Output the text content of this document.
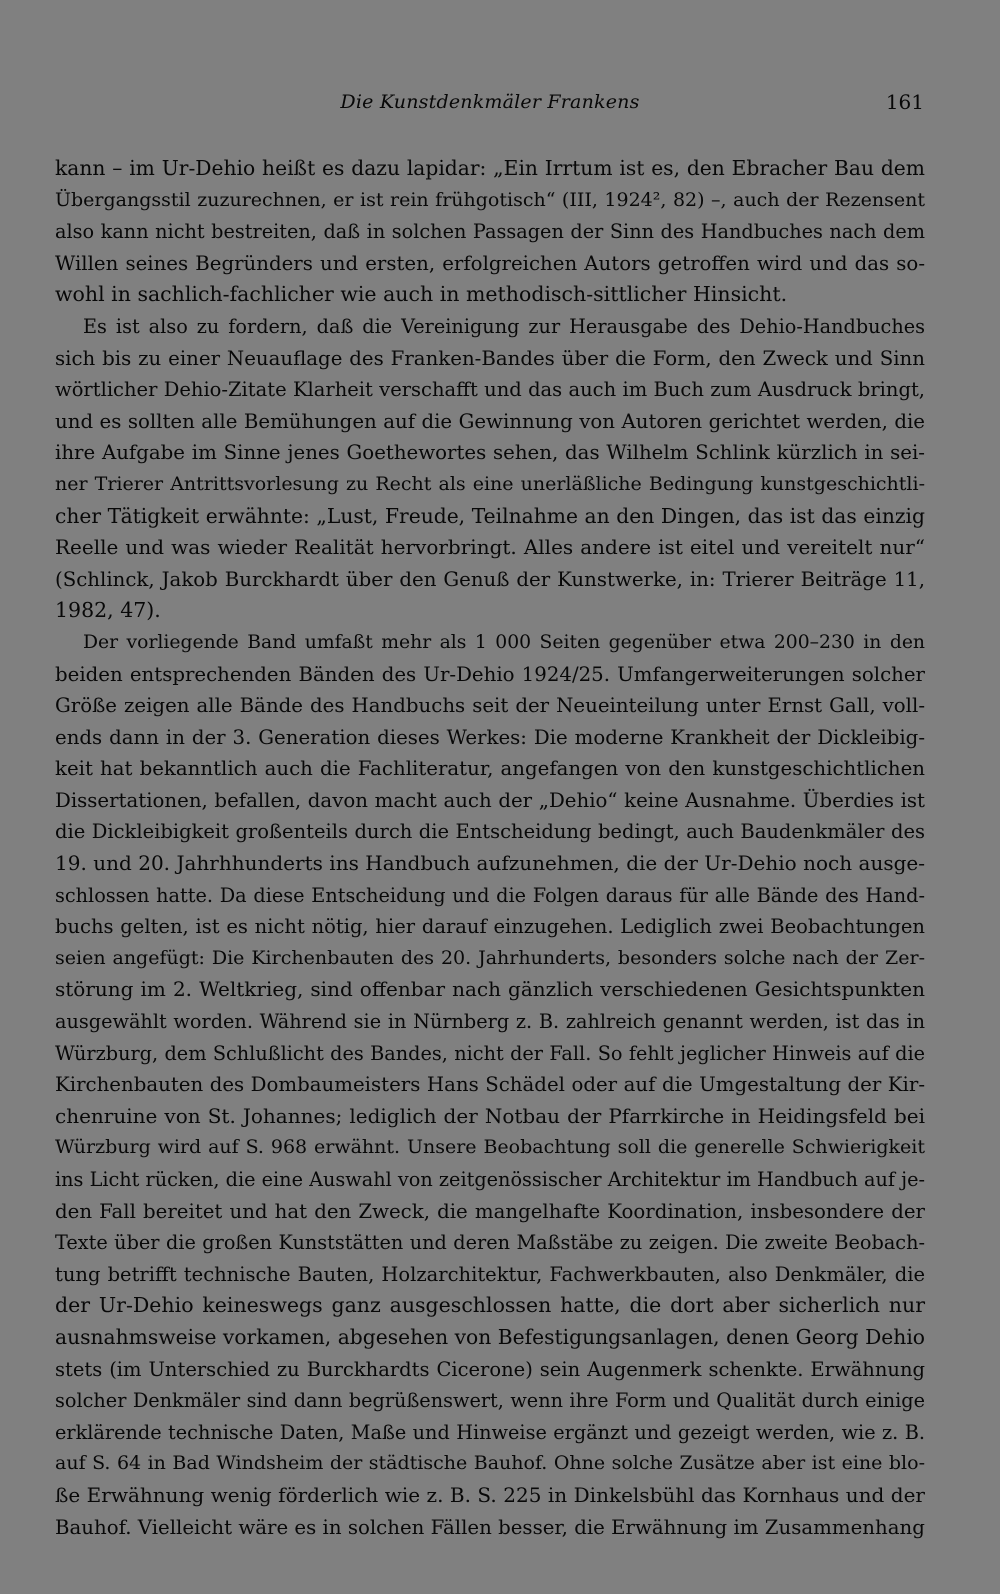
Die Kunstdenkmäler Frankens	161
kann – im Ur-Dehio heißt es dazu lapidar: „Ein Irrtum ist es, den Ebracher Bau dem
Übergangsstil zuzurechnen, er ist rein frühgotisch“ (III, 1924², 82) –, auch der Rezensent
also kann nicht bestreiten, daß in solchen Passagen der Sinn des Handbuches nach dem
Willen seines Begründers und ersten, erfolgreichen Autors getroffen wird und das so-
wohl in sachlich-fachlicher wie auch in methodisch-sittlicher Hinsicht.
Es ist also zu fordern, daß die Vereinigung zur Herausgabe des Dehio-Handbuches
sich bis zu einer Neuauflage des Franken-Bandes über die Form, den Zweck und Sinn
wörtlicher Dehio-Zitate Klarheit verschafft und das auch im Buch zum Ausdruck bringt,
und es sollten alle Bemühungen auf die Gewinnung von Autoren gerichtet werden, die
ihre Aufgabe im Sinne jenes Goethewortes sehen, das Wilhelm Schlink kürzlich in sei-
ner Trierer Antrittsvorlesung zu Recht als eine unerläßliche Bedingung kunstgeschichtli-
cher Tätigkeit erwähnte: „Lust, Freude, Teilnahme an den Dingen, das ist das einzig
Reelle und was wieder Realität hervorbringt. Alles andere ist eitel und vereitelt nur“
(Schlinck, Jakob Burckhardt über den Genuß der Kunstwerke, in: Trierer Beiträge 11,
1982, 47).
Der vorliegende Band umfaßt mehr als 1 000 Seiten gegenüber etwa 200–230 in den
beiden entsprechenden Bänden des Ur-Dehio 1924/25. Umfangerweiterungen solcher
Größe zeigen alle Bände des Handbuchs seit der Neueinteilung unter Ernst Gall, voll-
ends dann in der 3. Generation dieses Werkes: Die moderne Krankheit der Dickleibig-
keit hat bekanntlich auch die Fachliteratur, angefangen von den kunstgeschichtlichen
Dissertationen, befallen, davon macht auch der „Dehio“ keine Ausnahme. Überdies ist
die Dickleibigkeit großenteils durch die Entscheidung bedingt, auch Baudenkmäler des
19. und 20. Jahrhhunderts ins Handbuch aufzunehmen, die der Ur-Dehio noch ausge-
schlossen hatte. Da diese Entscheidung und die Folgen daraus für alle Bände des Hand-
buchs gelten, ist es nicht nötig, hier darauf einzugehen. Lediglich zwei Beobachtungen
seien angefügt: Die Kirchenbauten des 20. Jahrhunderts, besonders solche nach der Zer-
störung im 2. Weltkrieg, sind offenbar nach gänzlich verschiedenen Gesichtspunkten
ausgewählt worden. Während sie in Nürnberg z. B. zahlreich genannt werden, ist das in
Würzburg, dem Schlußlicht des Bandes, nicht der Fall. So fehlt jeglicher Hinweis auf die
Kirchenbauten des Dombaumeisters Hans Schädel oder auf die Umgestaltung der Kir-
chenruine von St. Johannes; lediglich der Notbau der Pfarrkirche in Heidingsfeld bei
Würzburg wird auf S. 968 erwähnt. Unsere Beobachtung soll die generelle Schwierigkeit
ins Licht rücken, die eine Auswahl von zeitgenössischer Architektur im Handbuch auf je-
den Fall bereitet und hat den Zweck, die mangelhafte Koordination, insbesondere der
Texte über die großen Kunststätten und deren Maßstäbe zu zeigen. Die zweite Beobach-
tung betrifft technische Bauten, Holzarchitektur, Fachwerkbauten, also Denkmäler, die
der Ur-Dehio keineswegs ganz ausgeschlossen hatte, die dort aber sicherlich nur
ausnahmsweise vorkamen, abgesehen von Befestigungsanlagen, denen Georg Dehio
stets (im Unterschied zu Burckhardts Cicerone) sein Augenmerk schenkte. Erwähnung
solcher Denkmäler sind dann begrüßenswert, wenn ihre Form und Qualität durch einige
erklärende technische Daten, Maße und Hinweise ergänzt und gezeigt werden, wie z. B.
auf S. 64 in Bad Windsheim der städtische Bauhof. Ohne solche Zusätze aber ist eine blo-
ße Erwähnung wenig förderlich wie z. B. S. 225 in Dinkelsbühl das Kornhaus und der
Bauhof. Vielleicht wäre es in solchen Fällen besser, die Erwähnung im Zusammenhang
